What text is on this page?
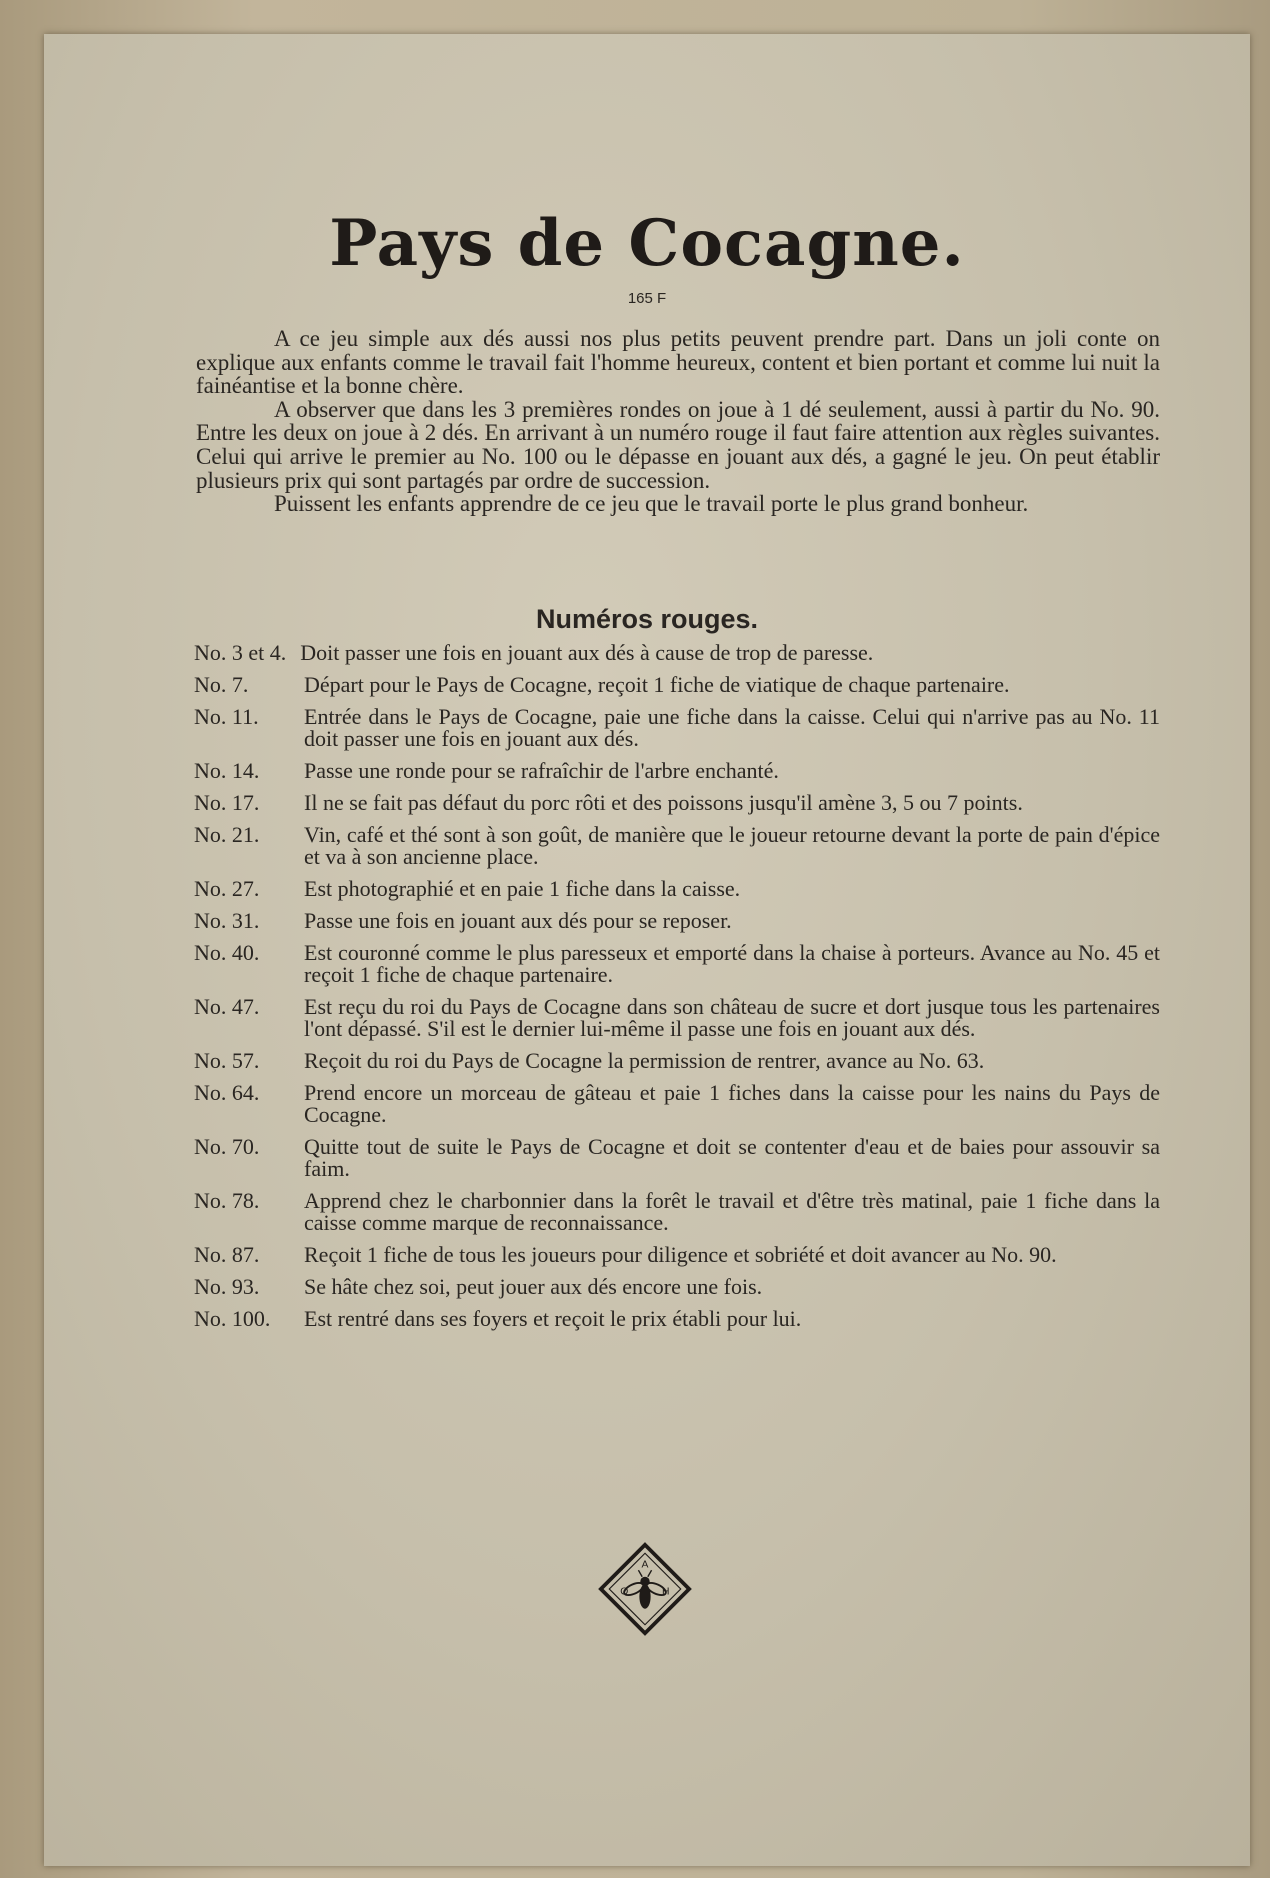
Pays de Cocagne.
165 F

A ce jeu simple aux dés aussi nos plus petits peuvent prendre part. Dans un joli conte on explique aux enfants comme le travail fait l'homme heureux, content et bien portant et comme lui nuit la fainéantise et la bonne chère.

A observer que dans les 3 premières rondes on joue à 1 dé seulement, aussi à partir du No. 90. Entre les deux on joue à 2 dés. En arrivant à un numéro rouge il faut faire attention aux règles suivantes. Celui qui arrive le premier au No. 100 ou le dépasse en jouant aux dés, a gagné le jeu. On peut établir plusieurs prix qui sont partagés par ordre de succession.

Puissent les enfants apprendre de ce jeu que le travail porte le plus grand bonheur.

Numéros rouges.
No. 3 et 4. Doit passer une fois en jouant aux dés à cause de trop de paresse.
No. 7.	Départ pour le Pays de Cocagne, reçoit 1 fiche de viatique de chaque partenaire.
No. 11. Entrée dans le Pays de Cocagne, paie une fiche dans la caisse. Celui qui n'arrive pas au No. 11 doit passer une fois en jouant aux dés.
No. 14. Passe une ronde pour se rafraîchir de l'arbre enchanté.
No. 17. Il ne se fait pas défaut du porc rôti et des poissons jusqu'il amène 3, 5 ou 7 points.
No. 21. Vin, café et thé sont à son goût, de manière que le joueur retourne devant la porte de pain d'épice et va à son ancienne place.
No. 27. Est photographié et en paie 1 fiche dans la caisse.
No. 31. Passe une fois en jouant aux dés pour se reposer.
No. 40. Est couronné comme le plus paresseux et emporté dans la chaise à porteurs. Avance au No. 45 et reçoit 1 fiche de chaque partenaire.
No. 47. Est reçu du roi du Pays de Cocagne dans son château de sucre et dort jusque tous les partenaires l'ont dépassé. S'il est le dernier lui-même il passe une fois en jouant aux dés.
No. 57. Reçoit du roi du Pays de Cocagne la permission de rentrer, avance au No. 63.
No. 64. Prend encore un morceau de gâteau et paie 1 fiches dans la caisse pour les nains du Pays de Cocagne.
No. 70. Quitte tout de suite le Pays de Cocagne et doit se contenter d'eau et de baies pour assouvir sa faim.
No. 78. Apprend chez le charbonnier dans la forêt le travail et d'être très matinal, paie 1 fiche dans la caisse comme marque de reconnaissance.
No. 87. Reçoit 1 fiche de tous les joueurs pour diligence et sobriété et doit avancer au No. 90.
No. 93. Se hâte chez soi, peut jouer aux dés encore une fois.
No. 100. Est rentré dans ses foyers et reçoit le prix établi pour lui.
A
O	H
